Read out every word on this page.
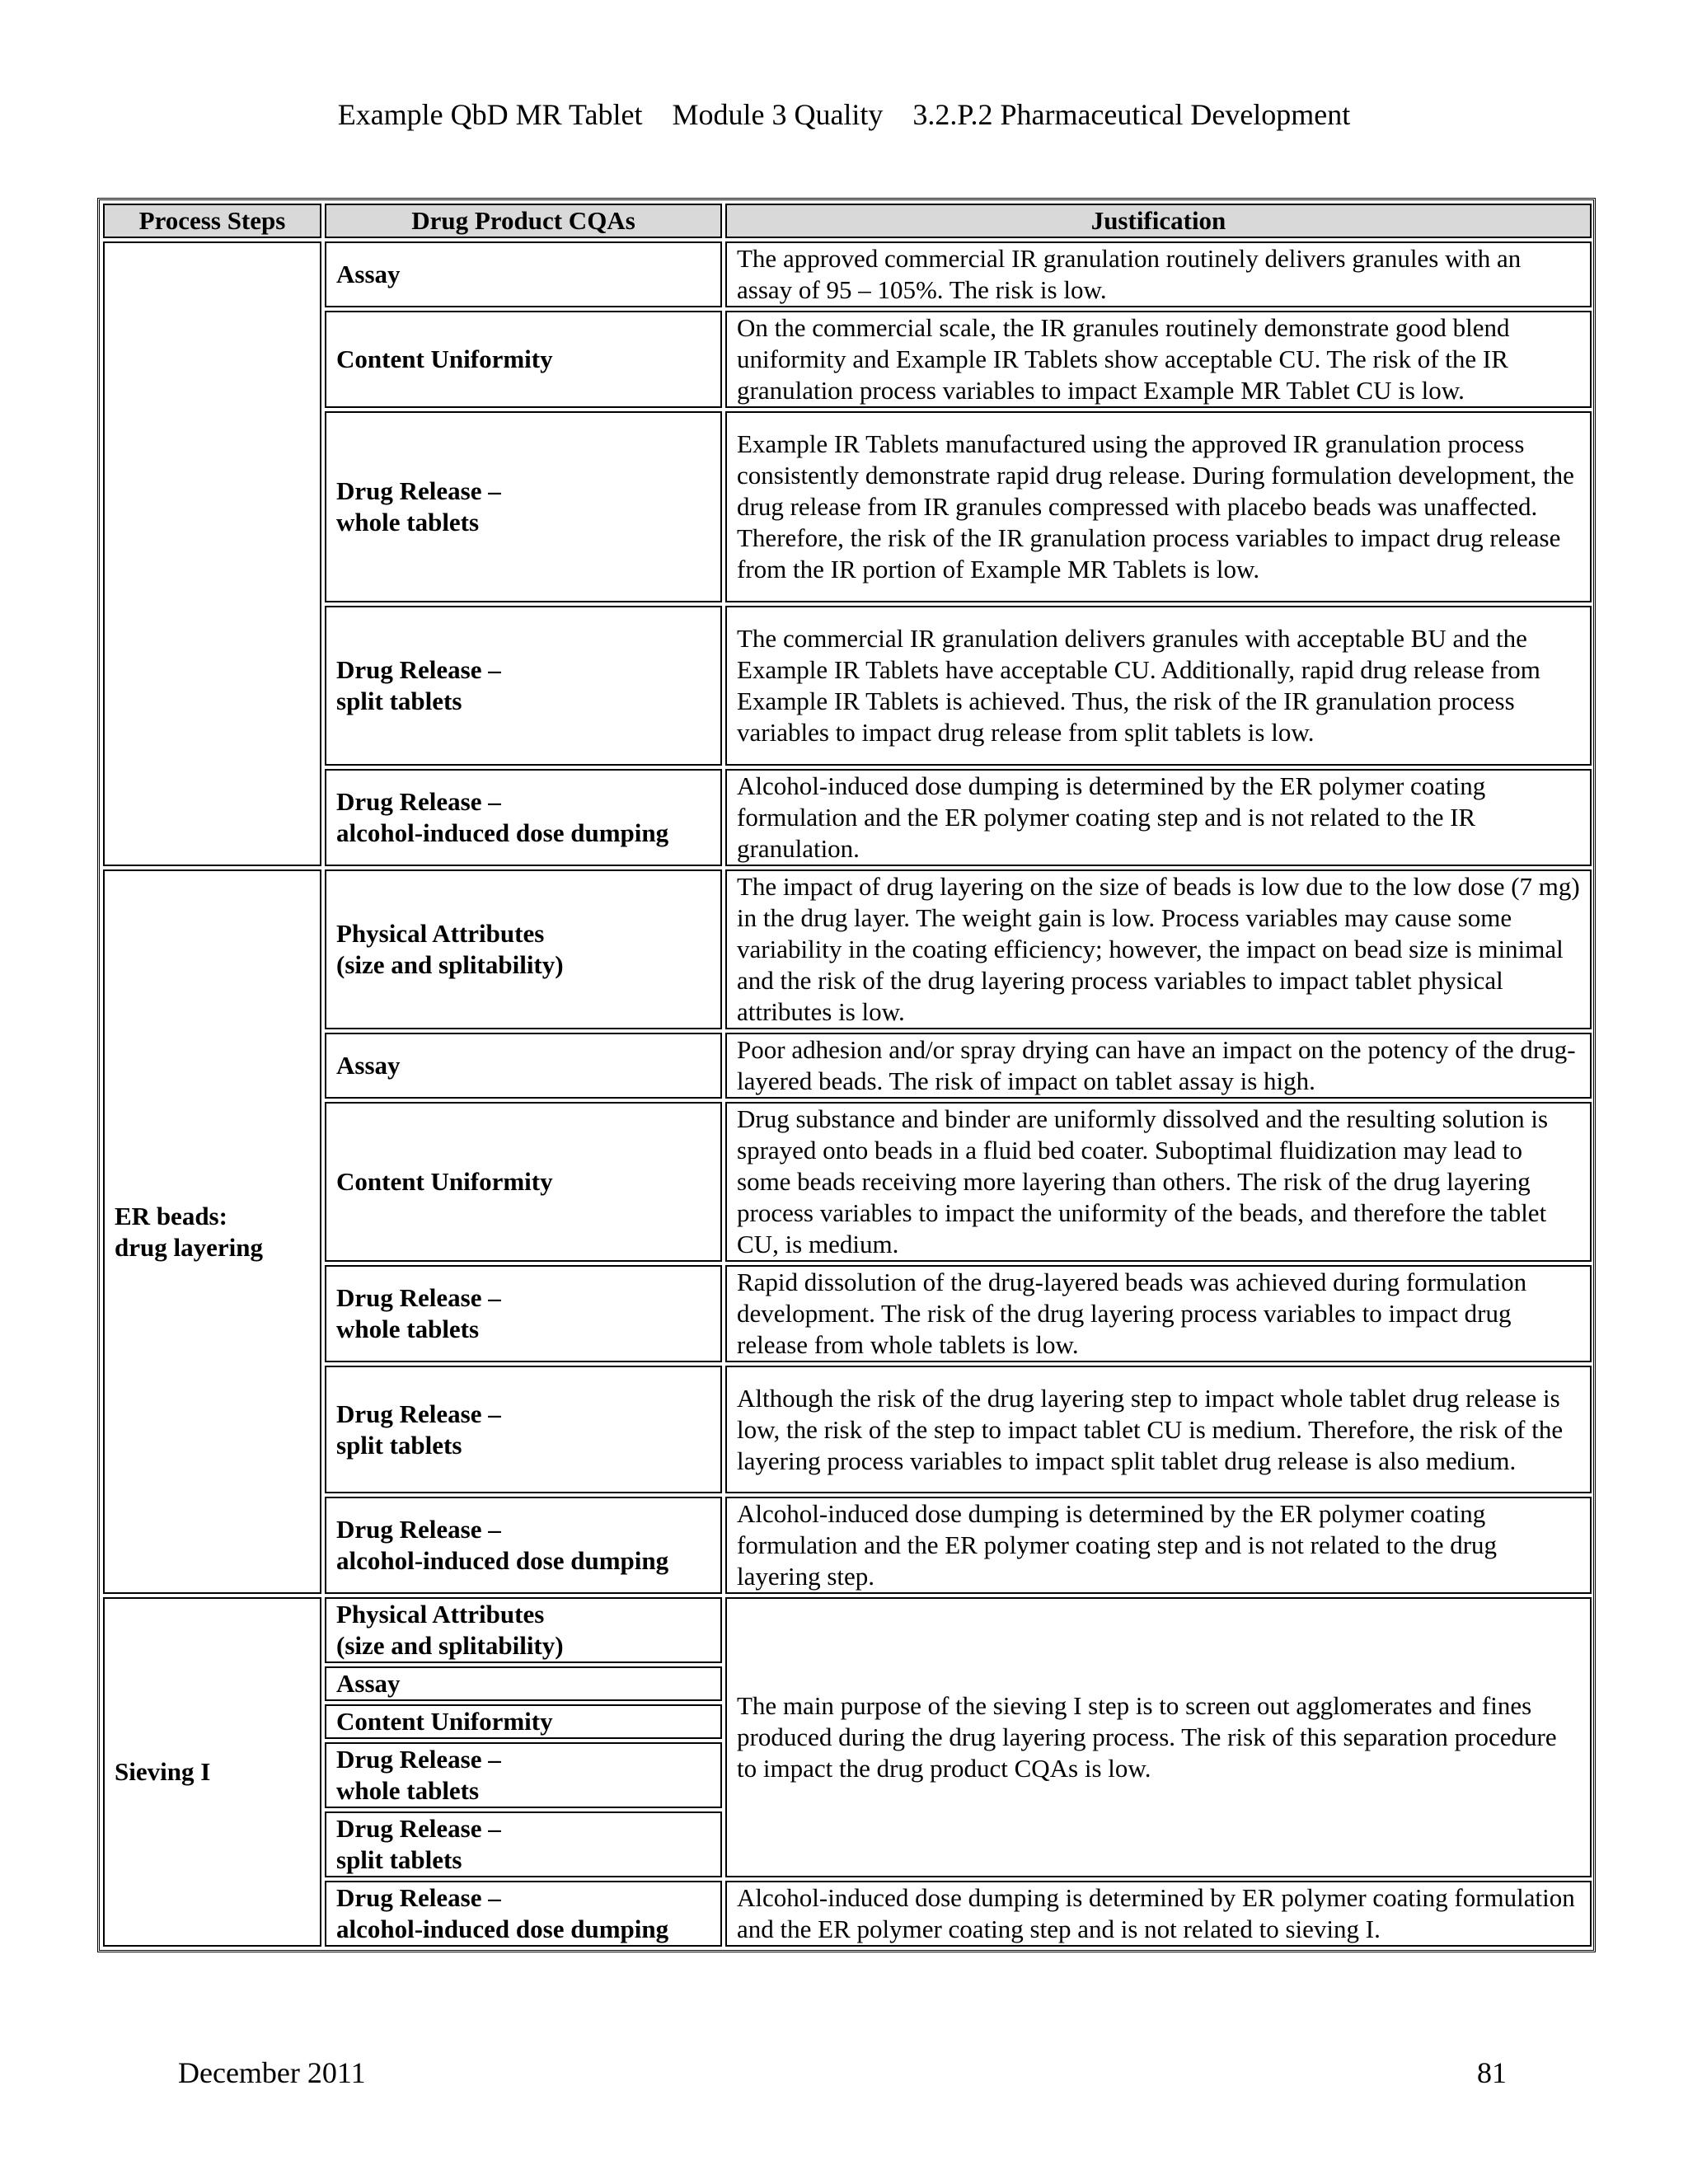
Example QbD MR Tablet    Module 3 Quality    3.2.P.2 Pharmaceutical Development
Process Steps	Drug Product CQAs	Justification

	Assay	The approved commercial IR granulation routinely delivers granules with an assay of 95 – 105%. The risk is low.

	Content Uniformity	On the commercial scale, the IR granules routinely demonstrate good blend uniformity and Example IR Tablets show acceptable CU. The risk of the IR granulation process variables to impact Example MR Tablet CU is low.

	Drug Release –
whole tablets	Example IR Tablets manufactured using the approved IR granulation process consistently demonstrate rapid drug release. During formulation development, the drug release from IR granules compressed with placebo beads was unaffected. Therefore, the risk of the IR granulation process variables to impact drug release from the IR portion of Example MR Tablets is low.

	Drug Release –
split tablets	The commercial IR granulation delivers granules with acceptable BU and the Example IR Tablets have acceptable CU. Additionally, rapid drug release from Example IR Tablets is achieved. Thus, the risk of the IR granulation process variables to impact drug release from split tablets is low.

	Drug Release –
alcohol-induced dose dumping	Alcohol-induced dose dumping is determined by the ER polymer coating formulation and the ER polymer coating step and is not related to the IR granulation.

ER beads:
drug layering	Physical Attributes
(size and splitability)	The impact of drug layering on the size of beads is low due to the low dose (7 mg) in the drug layer. The weight gain is low. Process variables may cause some variability in the coating efficiency; however, the impact on bead size is minimal and the risk of the drug layering process variables to impact tablet physical attributes is low.

	Assay	Poor adhesion and/or spray drying can have an impact on the potency of the drug-layered beads. The risk of impact on tablet assay is high.

	Content Uniformity	Drug substance and binder are uniformly dissolved and the resulting solution is sprayed onto beads in a fluid bed coater. Suboptimal fluidization may lead to some beads receiving more layering than others. The risk of the drug layering process variables to impact the uniformity of the beads, and therefore the tablet CU, is medium.

	Drug Release –
whole tablets	Rapid dissolution of the drug-layered beads was achieved during formulation development. The risk of the drug layering process variables to impact drug release from whole tablets is low.

	Drug Release –
split tablets	Although the risk of the drug layering step to impact whole tablet drug release is low, the risk of the step to impact tablet CU is medium. Therefore, the risk of the layering process variables to impact split tablet drug release is also medium.

	Drug Release –
alcohol-induced dose dumping	Alcohol-induced dose dumping is determined by the ER polymer coating formulation and the ER polymer coating step and is not related to the drug layering step.

Sieving I	Physical Attributes
(size and splitability)	The main purpose of the sieving I step is to screen out agglomerates and fines produced during the drug layering process. The risk of this separation procedure to impact the drug product CQAs is low.

	Assay	

	Content Uniformity	

	Drug Release –
whole tablets	

	Drug Release –
split tablets	

	Drug Release –
alcohol-induced dose dumping	Alcohol-induced dose dumping is determined by ER polymer coating formulation and the ER polymer coating step and is not related to sieving I.
December 2011	81
